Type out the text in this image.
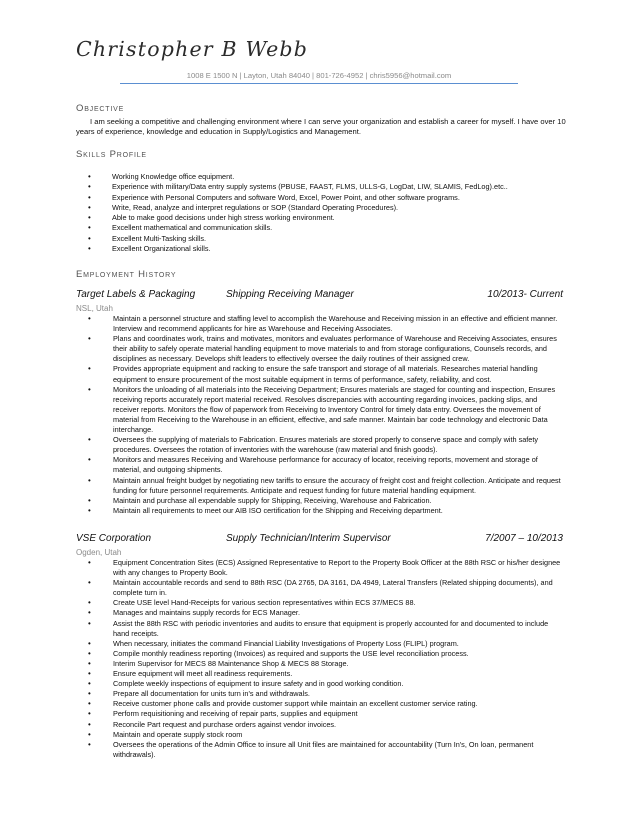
Christopher B Webb
1008 E 1500 N | Layton, Utah 84040 | 801-726-4952 | chris5956@hotmail.com
Objective
I am seeking a competitive and challenging environment where I can serve your organization and establish a career for myself. I have over 10 years of experience, knowledge and education in Supply/Logistics and Management.
Skills Profile
• Working Knowledge office equipment.
• Experience with military/Data entry supply systems (PBUSE, FAAST, FLMS, ULLS-G, LogDat, LIW, SLAMIS, FedLog).etc..
• Experience with Personal Computers and software Word, Excel, Power Point, and other software programs.
• Write, Read, analyze and interpret regulations or SOP (Standard Operating Procedures).
• Able to make good decisions under high stress working environment.
• Excellent mathematical and communication skills.
• Excellent Multi-Tasking skills.
• Excellent Organizational skills.
Employment History
Target Labels & Packaging	Shipping Receiving Manager	10/2013- Current
NSL, Utah
• Maintain a personnel structure and staffing level to accomplish the Warehouse and Receiving mission in an effective and efficient manner. Interview and recommend applicants for hire as Warehouse and Receiving Associates.
• Plans and coordinates work, trains and motivates, monitors and evaluates performance of Warehouse and Receiving Associates, ensures their ability to safely operate material handling equipment to move materials to and from storage configurations, Counsels records, and disciplines as necessary. Develops shift leaders to effectively oversee the daily routines of their assigned crew.
• Provides appropriate equipment and racking to ensure the safe transport and storage of all materials. Researches material handling equipment to ensure procurement of the most suitable equipment in terms of performance, safety, reliability, and cost.
• Monitors the unloading of all materials into the Receiving Department; Ensures materials are staged for counting and inspection, Ensures receiving reports accurately report material received. Resolves discrepancies with accounting regarding invoices, packing slips, and receiver reports. Monitors the flow of paperwork from Receiving to Inventory Control for timely data entry. Oversees the movement of material from Receiving to the Warehouse in an efficient, effective, and safe manner. Maintain bar code technology and electronic Data interchange.
• Oversees the supplying of materials to Fabrication. Ensures materials are stored properly to conserve space and comply with safety procedures. Oversees the rotation of inventories with the warehouse (raw material and finish goods).
• Monitors and measures Receiving and Warehouse performance for accuracy of locator, receiving reports, movement and storage of material, and outgoing shipments.
• Maintain annual freight budget by negotiating new tariffs to ensure the accuracy of freight cost and freight collection. Anticipate and request funding for future personnel requirements. Anticipate and request funding for future material handling equipment.
• Maintain and purchase all expendable supply for Shipping, Receiving, Warehouse and Fabrication.
• Maintain all requirements to meet our AIB ISO certification for the Shipping and Receiving department.
VSE Corporation	Supply Technician/Interim Supervisor	7/2007 – 10/2013
Ogden, Utah
• Equipment Concentration Sites (ECS) Assigned Representative to Report to the Property Book Officer at the 88th RSC or his/her designee with any changes to Property Book.
• Maintain accountable records and send to 88th RSC (DA 2765, DA 3161, DA 4949, Lateral Transfers (Related shipping documents), and complete turn in.
• Create USE level Hand-Receipts for various section representatives within ECS 37/MECS 88.
• Manages and maintains supply records for ECS Manager.
• Assist the 88th RSC with periodic inventories and audits to ensure that equipment is properly accounted for and documented to include hand receipts.
• When necessary, initiates the command Financial Liability Investigations of Property Loss (FLIPL) program.
• Compile monthly readiness reporting (Invoices) as required and supports the USE level reconciliation process.
• Interim Supervisor for MECS 88 Maintenance Shop & MECS 88 Storage.
• Ensure equipment will meet all readiness requirements.
• Complete weekly inspections of equipment to insure safety and in good working condition.
• Prepare all documentation for units turn in's and withdrawals.
• Receive customer phone calls and provide customer support while maintain an excellent customer service rating.
• Perform requisitioning and receiving of repair parts, supplies and equipment
• Reconcile Part request and purchase orders against vendor invoices.
• Maintain and operate supply stock room
• Oversees the operations of the Admin Office to insure all Unit files are maintained for accountability (Turn In's, On loan, permanent withdrawals).
